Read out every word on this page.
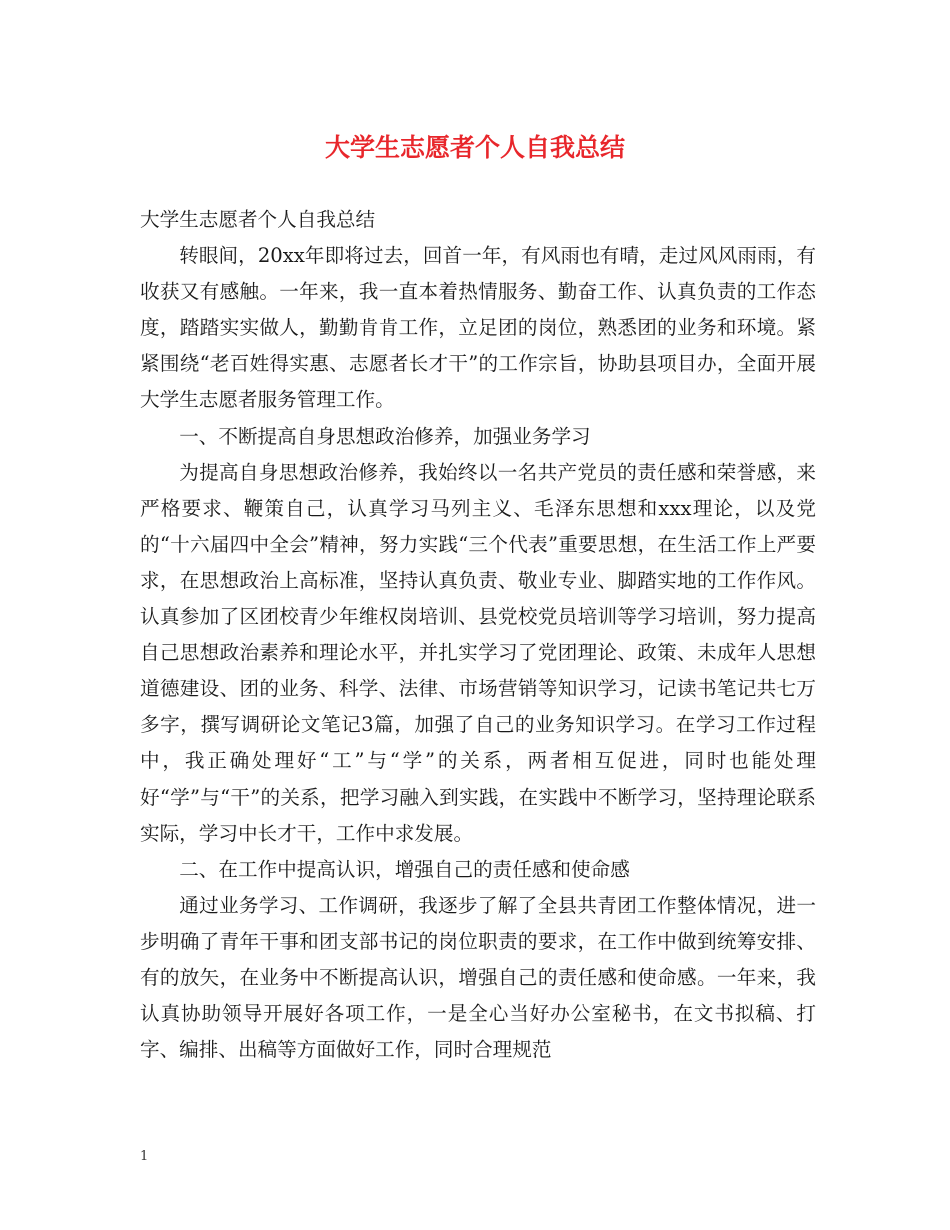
大学生志愿者个人自我总结

大学生志愿者个人自我总结

转眼间，20xx年即将过去，回首一年，有风雨也有晴，走过风风雨雨，有收获又有感触。一年来，我一直本着热情服务、勤奋工作、认真负责的工作态度，踏踏实实做人，勤勤肯肯工作，立足团的岗位，熟悉团的业务和环境。紧紧围绕“老百姓得实惠、志愿者长才干”的工作宗旨，协助县项目办，全面开展大学生志愿者服务管理工作。

一、不断提高自身思想政治修养，加强业务学习

为提高自身思想政治修养，我始终以一名共产党员的责任感和荣誉感，来严格要求、鞭策自己，认真学习马列主义、毛泽东思想和xxx理论，以及党的“十六届四中全会”精神，努力实践“三个代表”重要思想，在生活工作上严要求，在思想政治上高标准，坚持认真负责、敬业专业、脚踏实地的工作作风。认真参加了区团校青少年维权岗培训、县党校党员培训等学习培训，努力提高自己思想政治素养和理论水平，并扎实学习了党团理论、政策、未成年人思想道德建设、团的业务、科学、法律、市场营销等知识学习，记读书笔记共七万多字，撰写调研论文笔记3篇，加强了自己的业务知识学习。在学习工作过程中，我正确处理好“工”与“学”的关系，两者相互促进，同时也能处理好“学”与“干”的关系，把学习融入到实践，在实践中不断学习，坚持理论联系实际，学习中长才干，工作中求发展。

二、在工作中提高认识，增强自己的责任感和使命感

通过业务学习、工作调研，我逐步了解了全县共青团工作整体情况，进一步明确了青年干事和团支部书记的岗位职责的要求，在工作中做到统筹安排、有的放矢，在业务中不断提高认识，增强自己的责任感和使命感。一年来，我认真协助领导开展好各项工作，一是全心当好办公室秘书，在文书拟稿、打字、编排、出稿等方面做好工作，同时合理规范

1
